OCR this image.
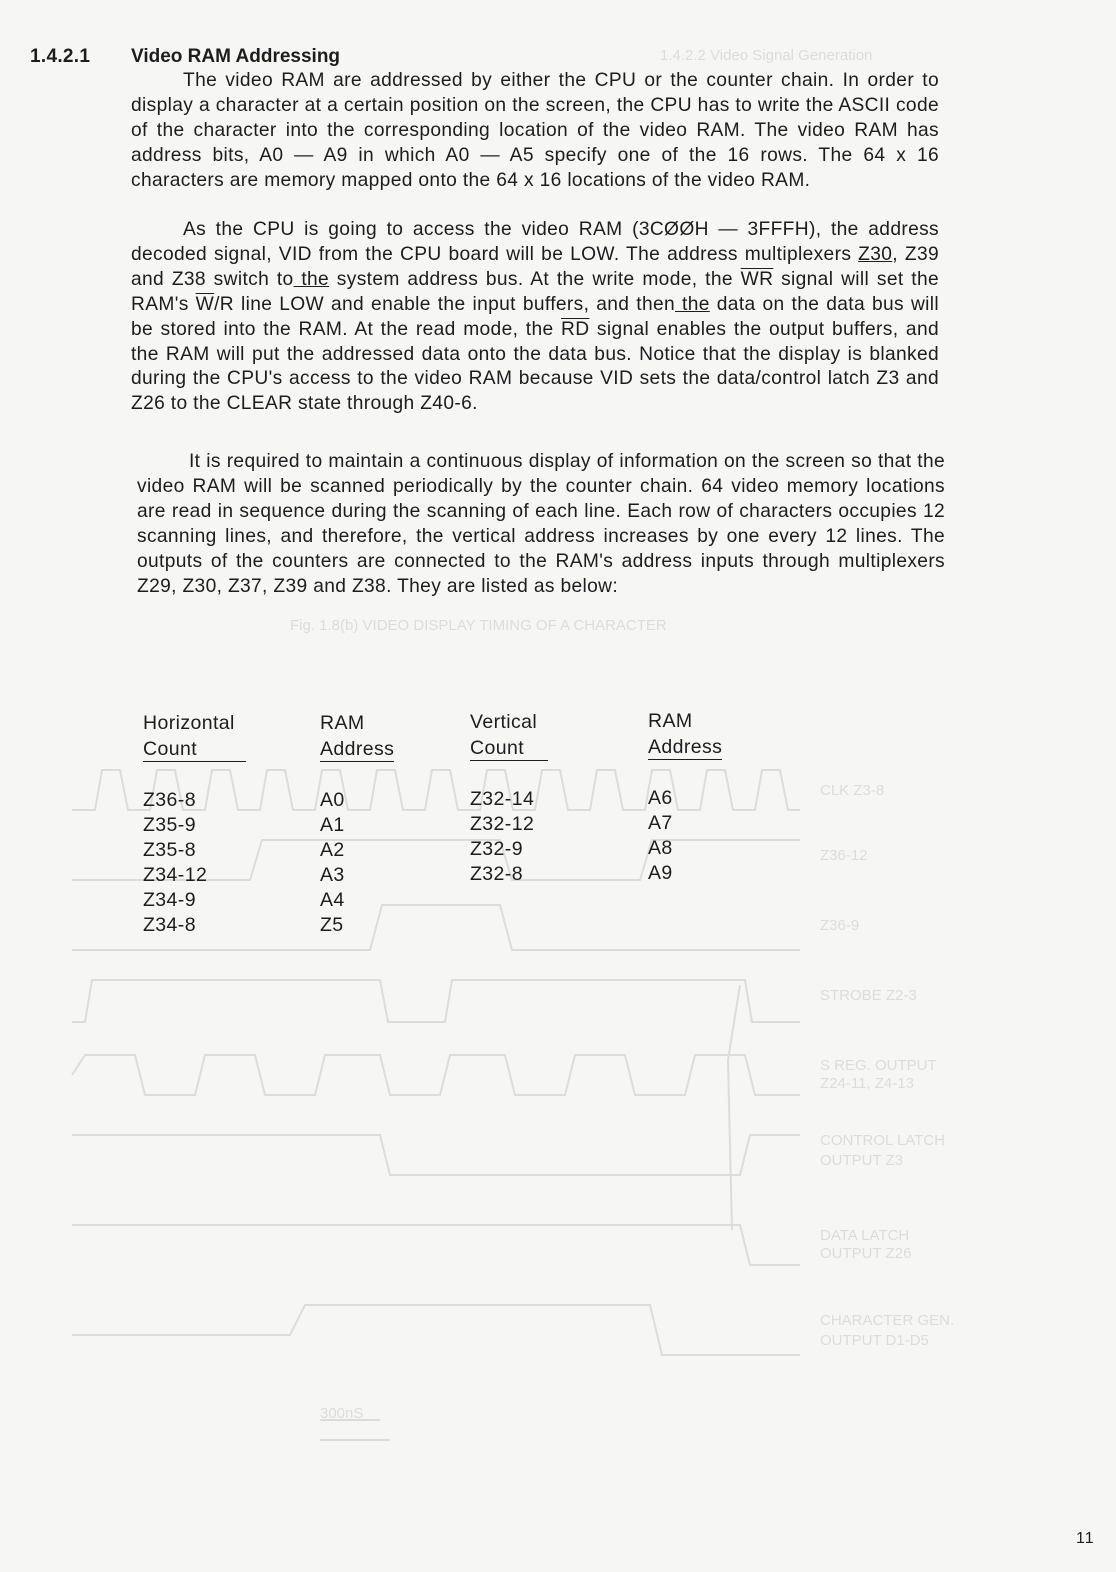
CLK Z3-8
Z36-12
Z36-9
STROBE Z2-3
S REG. OUTPUT
Z24-11, Z4-13
CONTROL LATCH
OUTPUT Z3
DATA LATCH
OUTPUT Z26
CHARACTER GEN.
OUTPUT D1-D5
300nS
Fig. 1.8(b) VIDEO DISPLAY TIMING OF A CHARACTER
1.4.2.2 Video Signal Generation
1.4.2.1 Video RAM Addressing

The video RAM are addressed by either the CPU or the counter chain. In order to display a character at a certain position on the screen, the CPU has to write the ASCII code of the character into the corresponding location of the video RAM. The video RAM has address bits, A0 — A9 in which A0 — A5 specify one of the 16 rows. The 64 x 16 characters are memory mapped onto the 64 x 16 locations of the video RAM.

As the CPU is going to access the video RAM (3CØØH — 3FFFH), the address decoded signal, VID from the CPU board will be LOW. The address multiplexers Z30, Z39 and Z38 switch to the system address bus. At the write mode, the $\overline{WR}$ signal will set the RAM's $\overline{W}/R$ line LOW and enable the input buffers, and then the data on the data bus will be stored into the RAM. At the read mode, the $\overline{RD}$ signal enables the output buffers, and the RAM will put the addressed data onto the data bus. Notice that the display is blanked during the CPU's access to the video RAM because VID sets the data/control latch Z3 and Z26 to the CLEAR state through Z40-6.

It is required to maintain a continuous display of information on the screen so that the video RAM will be scanned periodically by the counter chain. 64 video memory locations are read in sequence during the scanning of each line. Each row of characters occupies 12 scanning lines, and therefore, the vertical address increases by one every 12 lines. The outputs of the counters are connected to the RAM's address inputs through multiplexers Z29, Z30, Z37, Z39 and Z38. They are listed as below:

Horizontal
Count
Z36-8
Z35-9
Z35-8
Z34-12
Z34-9
Z34-8
RAM
Address
A0
A1
A2
A3
A4
Z5
Vertical
Count
Z32-14
Z32-12
Z32-9
Z32-8
RAM
Address
A6
A7
A8
A9
11
